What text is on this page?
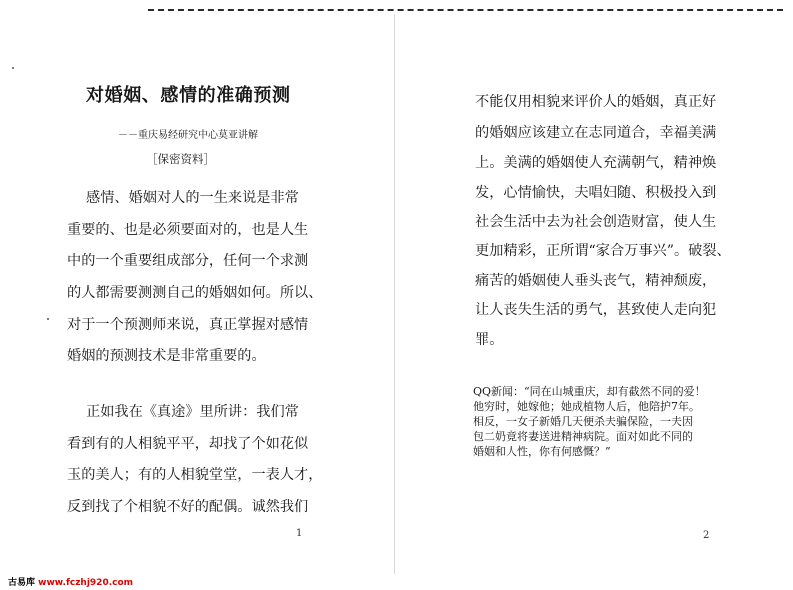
对婚姻、感情的准确预测
－－重庆易经研究中心莫亚讲解
［保密资料］
感情、婚姻对人的一生来说是非常
重要的、也是必须要面对的，也是人生
中的一个重要组成部分，任何一个求测
的人都需要测测自己的婚姻如何。所以、
对于一个预测师来说，真正掌握对感情
婚姻的预测技术是非常重要的。
正如我在《真途》里所讲：我们常
看到有的人相貌平平，却找了个如花似
玉的美人；有的人相貌堂堂，一表人才，
反到找了个相貌不好的配偶。诚然我们
1
不能仅用相貌来评价人的婚姻，真正好
的婚姻应该建立在志同道合，幸福美满
上。美满的婚姻使人充满朝气，精神焕
发，心情愉快，夫唱妇随、积极投入到
社会生活中去为社会创造财富，使人生
更加精彩，正所谓“家合万事兴”。破裂、
痛苦的婚姻使人垂头丧气，精神颓废，
让人丧失生活的勇气，甚致使人走向犯
罪。
QQ新闻：“同在山城重庆，却有截然不同的爱！
他穷时，她嫁他；她成植物人后，他陪护7年。
相反，一女子新婚几天便杀夫骗保险，一夫因
包二奶竟将妻送进精神病院。面对如此不同的
婚姻和人性，你有何感慨？”
2
古易库 www.fczhj920.com
